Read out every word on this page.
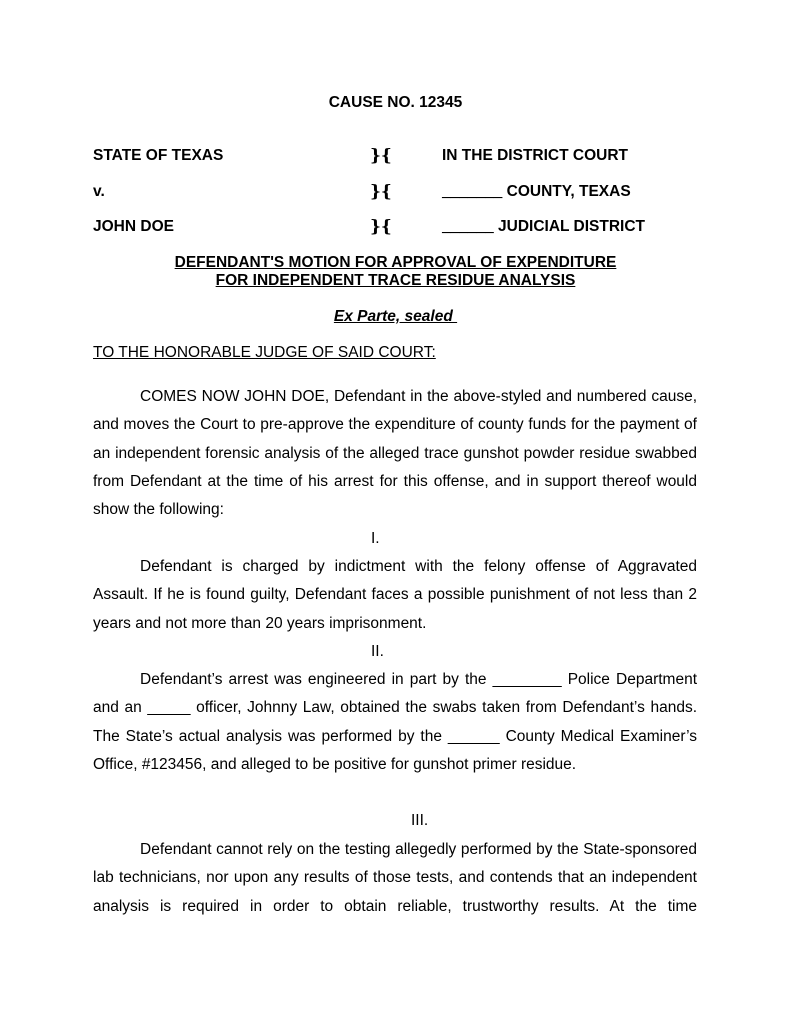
CAUSE NO. 12345
STATE OF TEXAS
v.
JOHN DOE
}{
}{
}{
IN THE DISTRICT COURT
_______ COUNTY, TEXAS
______ JUDICIAL DISTRICT
DEFENDANT'S MOTION FOR APPROVAL OF EXPENDITURE
FOR INDEPENDENT TRACE RESIDUE ANALYSIS
Ex Parte, sealed
TO THE HONORABLE JUDGE OF SAID COURT:
COMES NOW JOHN DOE, Defendant in the above-styled and numbered cause, and moves the Court to pre-approve the expenditure of county funds for the payment of an independent forensic analysis of the alleged trace gunshot powder residue swabbed from Defendant at the time of his arrest for this offense, and in support thereof would show the following:
I.
Defendant is charged by indictment with the felony offense of Aggravated Assault. If he is found guilty, Defendant faces a possible punishment of not less than 2 years and not more than 20 years imprisonment.
II.
Defendant’s arrest was engineered in part by the ________ Police Department and an _____ officer, Johnny Law, obtained the swabs taken from Defendant’s hands. The State’s actual analysis was performed by the ______ County Medical Examiner’s Office, #123456, and alleged to be positive for gunshot primer residue.
III.
Defendant cannot rely on the testing allegedly performed by the State-sponsored lab technicians, nor upon any results of those tests, and contends that an independent analysis is required in order to obtain reliable, trustworthy results. At the time
